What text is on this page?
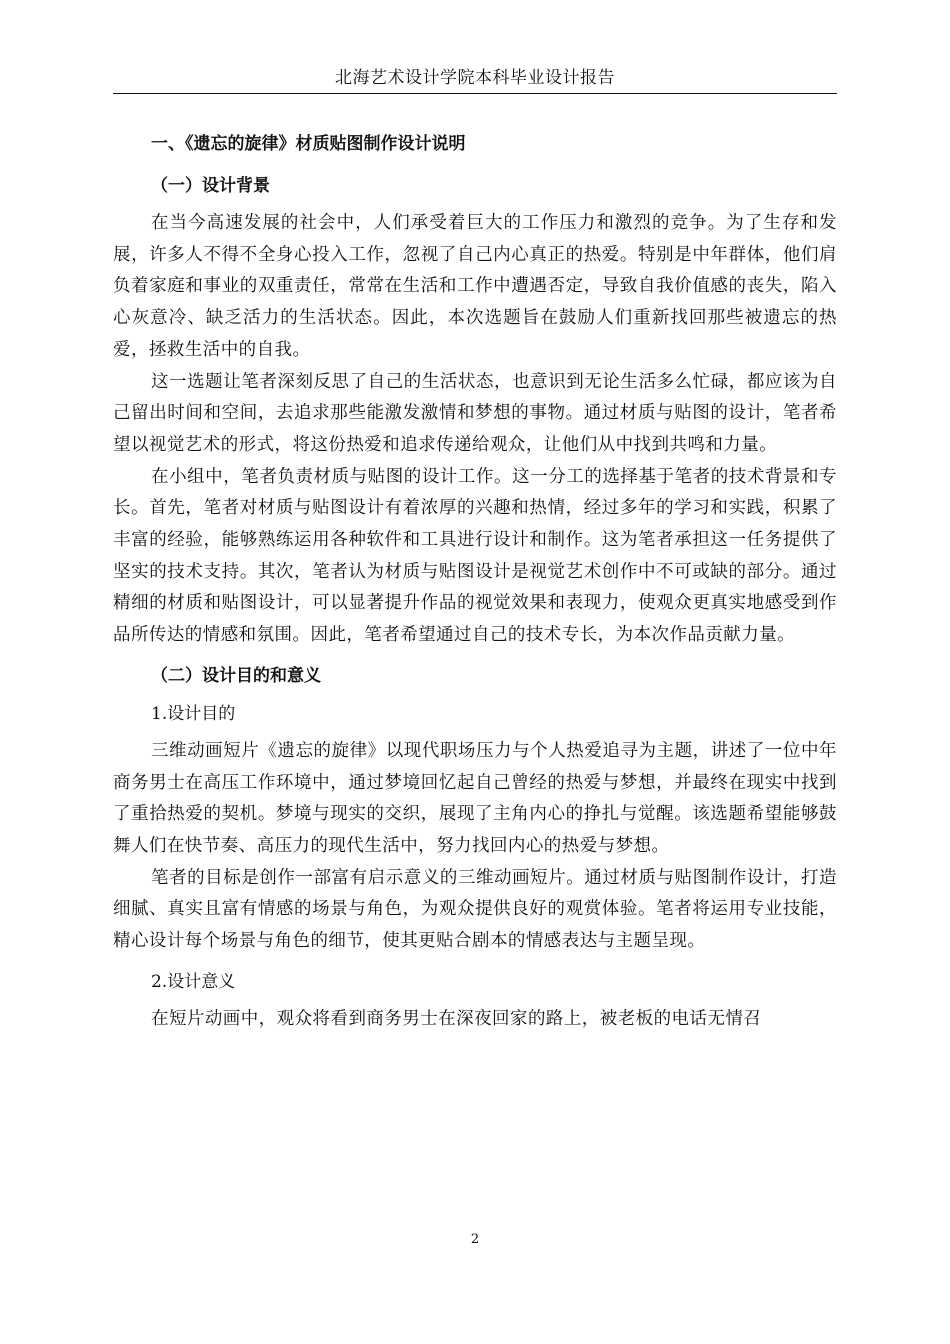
北海艺术设计学院本科毕业设计报告
一、《遗忘的旋律》材质贴图制作设计说明
（一）设计背景

在当今高速发展的社会中，人们承受着巨大的工作压力和激烈的竞争。为了生存和发展，许多人不得不全身心投入工作，忽视了自己内心真正的热爱。特别是中年群体，他们肩负着家庭和事业的双重责任，常常在生活和工作中遭遇否定，导致自我价值感的丧失，陷入心灰意冷、缺乏活力的生活状态。因此，本次选题旨在鼓励人们重新找回那些被遗忘的热爱，拯救生活中的自我。

这一选题让笔者深刻反思了自己的生活状态，也意识到无论生活多么忙碌，都应该为自己留出时间和空间，去追求那些能激发激情和梦想的事物。通过材质与贴图的设计，笔者希望以视觉艺术的形式，将这份热爱和追求传递给观众，让他们从中找到共鸣和力量。

在小组中，笔者负责材质与贴图的设计工作。这一分工的选择基于笔者的技术背景和专长。首先，笔者对材质与贴图设计有着浓厚的兴趣和热情，经过多年的学习和实践，积累了丰富的经验，能够熟练运用各种软件和工具进行设计和制作。这为笔者承担这一任务提供了坚实的技术支持。其次，笔者认为材质与贴图设计是视觉艺术创作中不可或缺的部分。通过精细的材质和贴图设计，可以显著提升作品的视觉效果和表现力，使观众更真实地感受到作品所传达的情感和氛围。因此，笔者希望通过自己的技术专长，为本次作品贡献力量。

（二）设计目的和意义
1.设计目的

三维动画短片《遗忘的旋律》以现代职场压力与个人热爱追寻为主题，讲述了一位中年商务男士在高压工作环境中，通过梦境回忆起自己曾经的热爱与梦想，并最终在现实中找到了重拾热爱的契机。梦境与现实的交织，展现了主角内心的挣扎与觉醒。该选题希望能够鼓舞人们在快节奏、高压力的现代生活中，努力找回内心的热爱与梦想。

笔者的目标是创作一部富有启示意义的三维动画短片。通过材质与贴图制作设计，打造细腻、真实且富有情感的场景与角色，为观众提供良好的观赏体验。笔者将运用专业技能，精心设计每个场景与角色的细节，使其更贴合剧本的情感表达与主题呈现。

2.设计意义

在短片动画中，观众将看到商务男士在深夜回家的路上，被老板的电话无情召

2
